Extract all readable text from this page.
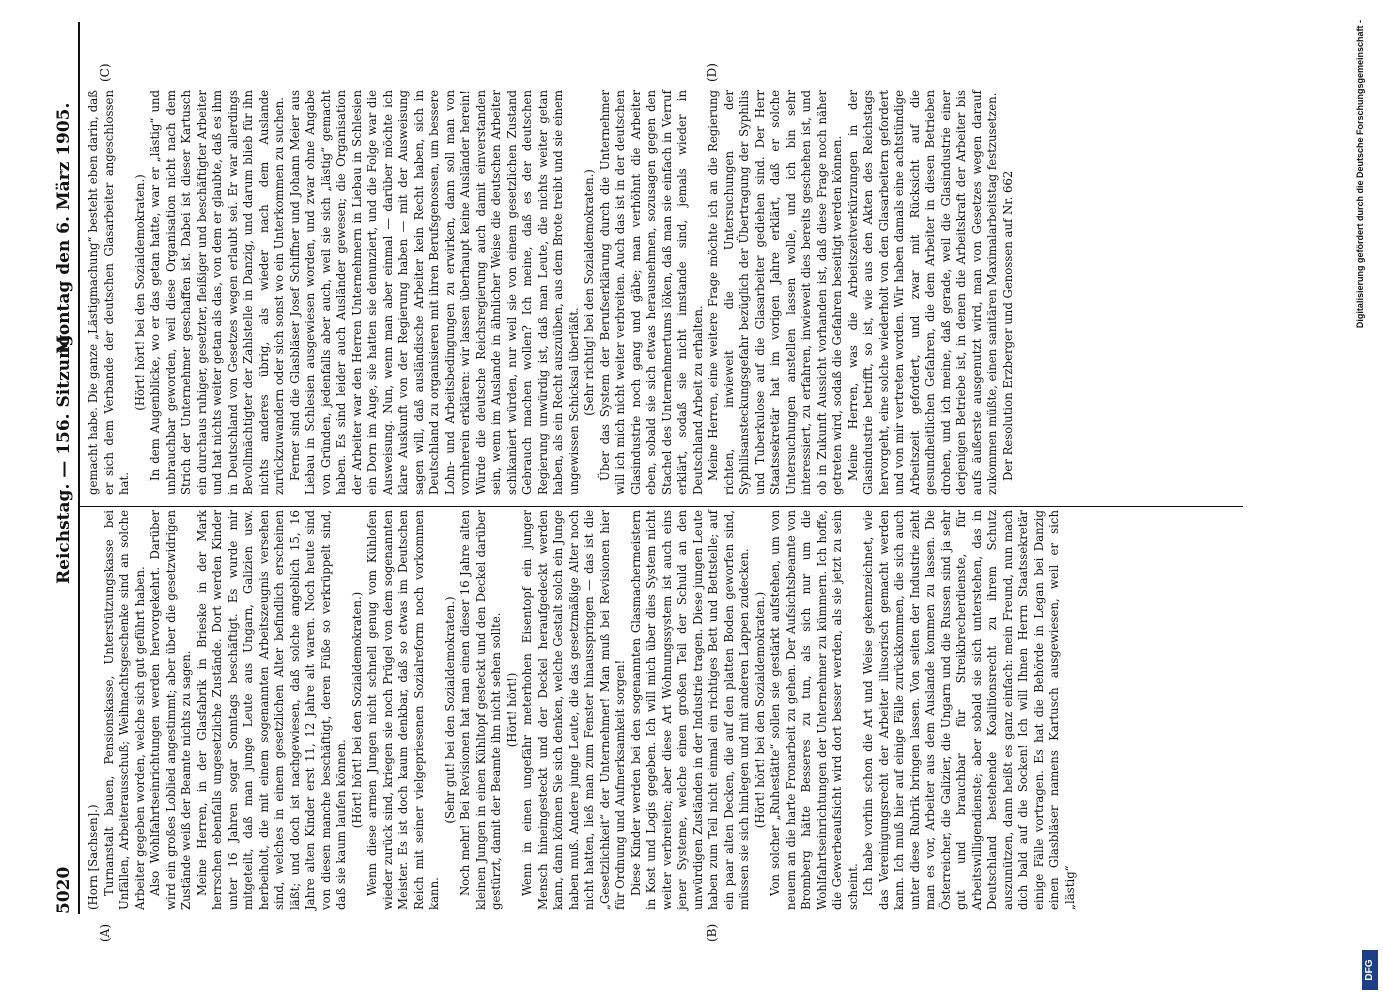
5020
Reichstag. — 156. Sitzung.
Montag den 6. März 1905.
(A)	(B)
(C)	(D)

(Horn [Sachsen].) Turnanstalt bauen, Pensionskasse, Unterstützungskasse bei Unfällen, Arbeiterausschuß; Weihnachtsgeschenke sind an solche Arbeiter gegeben worden, welche sich gut geführt haben. Also Wohlfahrtseinrichtungen werden hervorgekehrt. Darüber wird ein großes Loblied angestimmt; aber über die gesetzwidrigen Zustände weiß der Beamte nichts zu sagen. Meine Herren, in der Glasfabrik in Brieske in der Mark herrschen ebenfalls ungesetzliche Zustände. Dort werden Kinder unter 16 Jahren sogar Sonntags beschäftigt. Es wurde mir mitgeteilt, daß man junge Leute aus Ungarn, Galizien usw. herbeiholt, die mit einem sogenannten Arbeitszeugnis versehen sind, welches in einem gesetzlichen Alter befindlich erscheinen läßt; und doch ist nachgewiesen, daß solche angeblich 15, 16 Jahre alten Kinder erst 11, 12 Jahre alt waren. Noch heute sind von diesen manche beschäftigt, deren Füße so verkrüppelt sind, daß sie kaum laufen können. (Hört! hört! bei den Sozialdemokraten.) Wenn diese armen Jungen nicht schnell genug vom Kühlofen wieder zurück sind, kriegen sie noch Prügel von dem sogenannten Meister. Es ist doch kaum denkbar, daß so etwas im Deutschen Reich mit seiner vielgepriesenen Sozialreform noch vorkommen kann.

(Sehr gut! bei den Sozialdemokraten.) Noch mehr! Bei Revisionen hat man einen dieser 16 Jahre alten kleinen Jungen in einen Kühltopf gesteckt und den Deckel darüber gestürzt, damit der Beamte ihn nicht sehen sollte. (Hört! hört!) Wenn in einen ungefähr meterhohen Eisentopf ein junger Mensch hineingesteckt und der Deckel heraufgedeckt werden kann, dann können Sie sich denken, welche Gestalt solch ein Junge haben muß. Andere junge Leute, die das gesetzmäßige Alter noch nicht hatten, ließ man zum Fenster hinausspringen — das ist die „Gesetzlichkeit“ der Unternehmer! Man muß bei Revisionen hier für Ordnung und Aufmerksamkeit sorgen! Diese Kinder werden bei den sogenannten Glasmachermeistern in Kost und Logis gegeben. Ich will mich über dies System nicht weiter verbreiten; aber diese Art Wohnungssystem ist auch eins jener Systeme, welche einen großen Teil der Schuld an den unwürdigen Zuständen in der Industrie tragen. Diese jungen Leute haben zum Teil nicht einmal ein richtiges Bett und Bettstelle; auf ein paar alten Decken, die auf den platten Boden geworfen sind, müssen sie sich hinlegen und mit anderen Lappen zudecken. (Hört! hört! bei den Sozialdemokraten.) Von solcher „Ruhestätte“ sollen sie gestärkt aufstehen, um von neuem an die harte Fronarbeit zu gehen. Der Aufsichtsbeamte von Bromberg hätte Besseres zu tun, als sich nur um die Wohlfahrtseinrichtungen der Unternehmer zu kümmern. Ich hoffe, die Gewerbeaufsicht wird dort besser werden, als sie jetzt zu sein scheint. Ich habe vorhin schon die Art und Weise gekennzeichnet, wie das Vereinigungsrecht der Arbeiter illusorisch gemacht werden kann. Ich muß hier auf einige Fälle zurückkommen, die sich auch unter diese Rubrik bringen lassen. Von seiten der Industrie zieht man es vor, Arbeiter aus dem Auslande kommen zu lassen. Die Österreicher, die Galizier, die Ungarn und die Russen sind ja sehr gut und brauchbar für Streikbrecherdienste, für Arbeitswilligendienste; aber sobald sie sich unterstehen, das in Deutschland bestehende Koalitionsrecht zu ihrem Schutz auszunützen, dann heißt es ganz einfach: mein Freund, nun mach dich bald auf die Socken! Ich will Ihnen Herrn Staatssekretär einige Fälle vortragen. Es hat die Behörde in Legan bei Danzig einen Glasbläser namens Kartusch ausgewiesen, weil er sich „lästig“

gemacht habe. Die ganze „Lästigmachung“ besteht eben darin, daß er sich dem Verbande der deutschen Glasarbeiter angeschlossen hat.

(Hört! hört! bei den Sozialdemokraten.) In dem Augenblicke, wo er das getan hatte, war er „lästig“ und unbrauchbar geworden, weil diese Organisation nicht nach dem Strich der Unternehmer geschaffen ist. Dabei ist dieser Kartusch ein durchaus ruhiger, gesetzter, fleißiger und beschäftigter Arbeiter und hat nichts weiter getan als das, von dem er glaubte, daß es ihm in Deutschland von Gesetzes wegen erlaubt sei. Er war allerdings Bevollmächtigter der Zahlstelle in Danzig, und darum blieb für ihn nichts anderes übrig, als wieder nach dem Auslande zurückzuwandern oder sich sonst wo ein Unterkommen zu suchen. Ferner sind die Glasbläser Josef Schiffner und Johann Meier aus Liebau in Schlesien ausgewiesen worden, und zwar ohne Angabe von Gründen, jedenfalls aber auch, weil sie sich „lästig“ gemacht haben. Es sind leider auch Ausländer gewesen; die Organisation der Arbeiter war den Herren Unternehmern in Liebau in Schlesien ein Dorn im Auge, sie hatten sie denunziert, und die Folge war die Ausweisung. Nun, wenn man aber einmal — darüber möchte ich klare Auskunft von der Regierung haben — mit der Ausweisung sagen will, daß ausländische Arbeiter kein Recht haben, sich in Deutschland zu organisieren mit ihren Berufsgenossen, um bessere Lohn- und Arbeitsbedingungen zu erwirken, dann soll man von vornherein erklären: wir lassen überhaupt keine Ausländer herein! Würde die deutsche Reichsregierung auch damit einverstanden sein, wenn im Auslande in ähnlicher Weise die deutschen Arbeiter schikaniert würden, nur weil sie von einem gesetzlichen Zustand Gebrauch machen wollen? Ich meine, daß es der deutschen Regierung unwürdig ist, daß man Leute, die nichts weiter getan haben, als ein Recht auszuüben, aus dem Brote treibt und sie einem ungewissen Schicksal überläßt. (Sehr richtig! bei den Sozialdemokraten.) Über das System der Berufserklärung durch die Unternehmer will ich mich nicht weiter verbreiten. Auch das ist in der deutschen Glasindustrie noch gang und gäbe; man verhöhnt die Arbeiter eben, sobald sie sich etwas herausnehmen, sozusagen gegen den Stachel des Unternehmertums löken, daß man sie einfach in Verruf erklärt, sodaß sie nicht imstande sind, jemals wieder in Deutschland Arbeit zu erhalten. Meine Herren, eine weitere Frage möchte ich an die Regierung richten, inwieweit die Untersuchungen der Syphilisansteckungsgefahr bezüglich der Übertragung der Syphilis und Tuberkulose auf die Glasarbeiter gediehen sind. Der Herr Staatssekretär hat im vorigen Jahre erklärt, daß er solche Untersuchungen anstellen lassen wolle, und ich bin sehr interessiert, zu erfahren, inwieweit dies bereits geschehen ist, und ob in Zukunft Aussicht vorhanden ist, daß diese Frage noch näher getreten wird, sodaß die Gefahren beseitigt werden können. Meine Herren, was die Arbeitszeitverkürzungen in der Glasindustrie betrifft, so ist, wie aus den Akten des Reichstags hervorgeht, eine solche wiederholt von den Glasarbeitern gefordert und von mir vertreten worden. Wir haben damals eine achtstündige Arbeitszeit gefordert, und zwar mit Rücksicht auf die gesundheitlichen Gefahren, die dem Arbeiter in diesen Betrieben drohen, und ich meine, daß gerade, weil die Glasindustrie einer derjenigen Betriebe ist, in denen die Arbeitskraft der Arbeiter bis aufs äußerste ausgenutzt wird, man von Gesetzes wegen darauf zukommen müßte, einen sanitären Maximalarbeitstag festzusetzen. Der Resolution Erzberger und Genossen auf Nr. 662	Digitalisierung gefördert durch die Deutsche Forschungsgemeinschaft -
DFG
